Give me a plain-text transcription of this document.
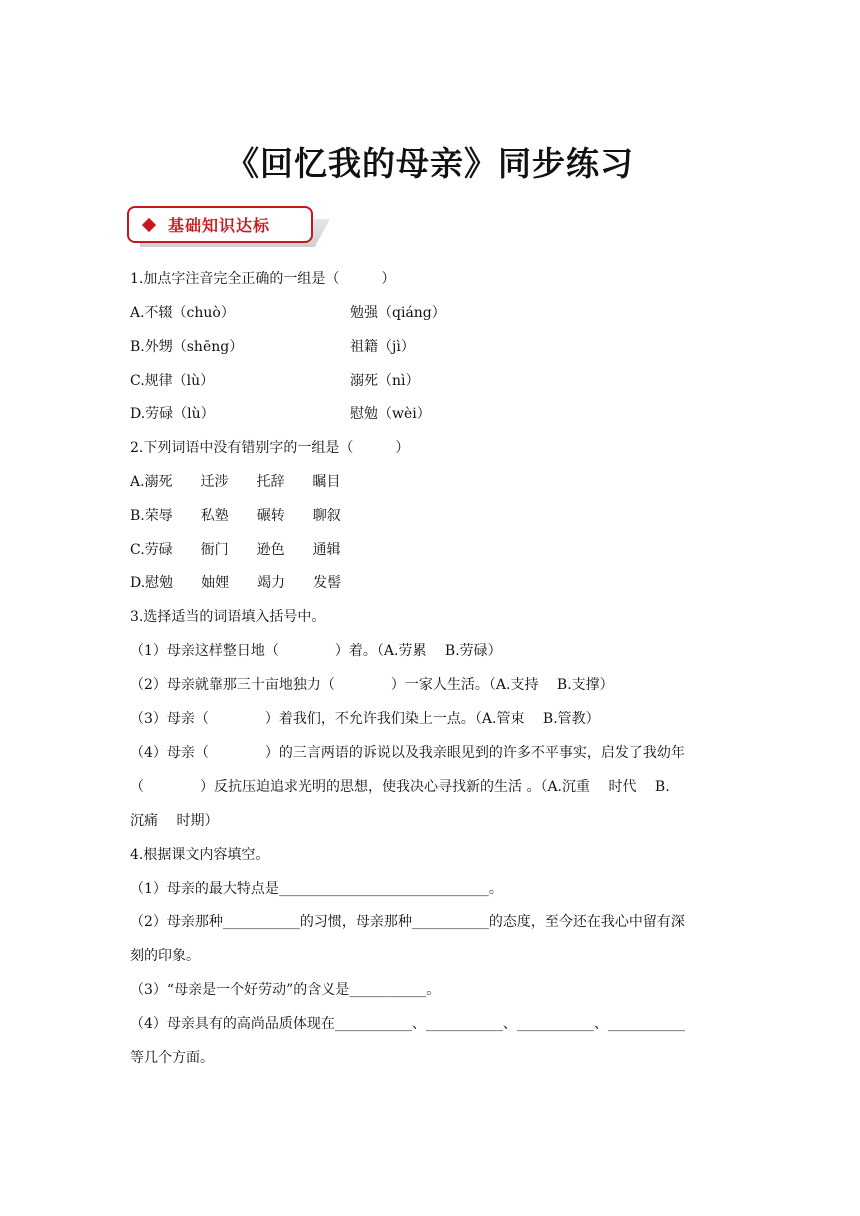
《回忆我的母亲》同步练习
基础知识达标
1.加点字注音完全正确的一组是（　　　）
A.不辍（chuò）	勉强（qiáng）
B.外甥（shēng）	祖籍（jì）
C.规律（lù）	溺死（nì）
D.劳碌（lù）	慰勉（wèi）
2.下列词语中没有错别字的一组是（　　　）
A.溺死　　迁涉　　托辞　　瞩目
B.荣辱　　私塾　　碾转　　聊叙
C.劳碌　　衙门　　逊色　　通辑
D.慰勉　　妯娌　　竭力　　发髻
3.选择适当的词语填入括号中。
（1）母亲这样整日地（　　　　）着。（A.劳累　 B.劳碌）
（2）母亲就靠那三十亩地独力（　　　　）一家人生活。（A.支持　 B.支撑）
（3）母亲（　　　　）着我们，不允许我们染上一点。（A.管束　 B.管教）
（4）母亲（　　　　）的三言两语的诉说以及我亲眼见到的许多不平事实，启发了我幼年
（　　　　）反抗压迫追求光明的思想，使我决心寻找新的生活 。（A.沉重　 时代　 B.
沉痛　 时期）
4.根据课文内容填空。
（1）母亲的最大特点是______________________________。
（2）母亲那种___________的习惯，母亲那种___________的态度，至今还在我心中留有深
刻的印象。
（3）“母亲是一个好劳动”的含义是___________。
（4）母亲具有的高尚品质体现在___________、___________、___________、___________
等几个方面。
